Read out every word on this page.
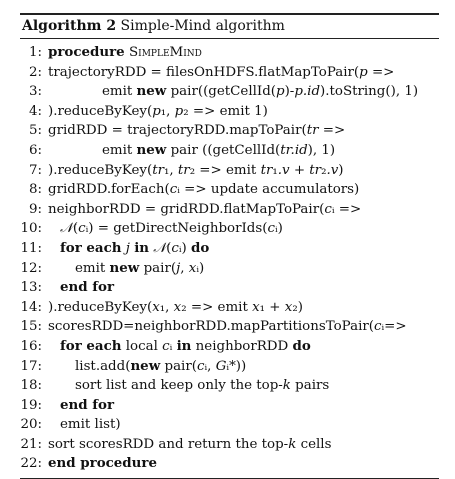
Algorithm 2 Simple-Mind algorithm
1: procedure SimpleMind
2: trajectoryRDD = filesOnHDFS.flatMapToPair(p =>
3:	emit new pair((getCellId(p)-p.id).toString(), 1)
4: ).reduceByKey(p₁, p₂ => emit 1)
5: gridRDD = trajectoryRDD.mapToPair(tr =>
6:	emit new pair ((getCellId(tr.id), 1)
7: ).reduceByKey(tr₁, tr₂ => emit tr₁.v + tr₂.v)
8: gridRDD.forEach(cᵢ => update accumulators)
9: neighborRDD = gridRDD.flatMapToPair(cᵢ =>
10: 𝒩(cᵢ) = getDirectNeighborIds(cᵢ)
11: for each j in 𝒩(cᵢ) do
12: emit new pair(j, xᵢ)
13: end for
14: ).reduceByKey(x₁, x₂ => emit x₁ + x₂)
15: scoresRDD=neighborRDD.mapPartitionsToPair(cᵢ=>
16: for each local cᵢ in neighborRDD do
17: list.add(new pair(cᵢ, Gᵢ*))
18: sort list and keep only the top-k pairs
19: end for
20: emit list)
21: sort scoresRDD and return the top-k cells
22: end procedure
